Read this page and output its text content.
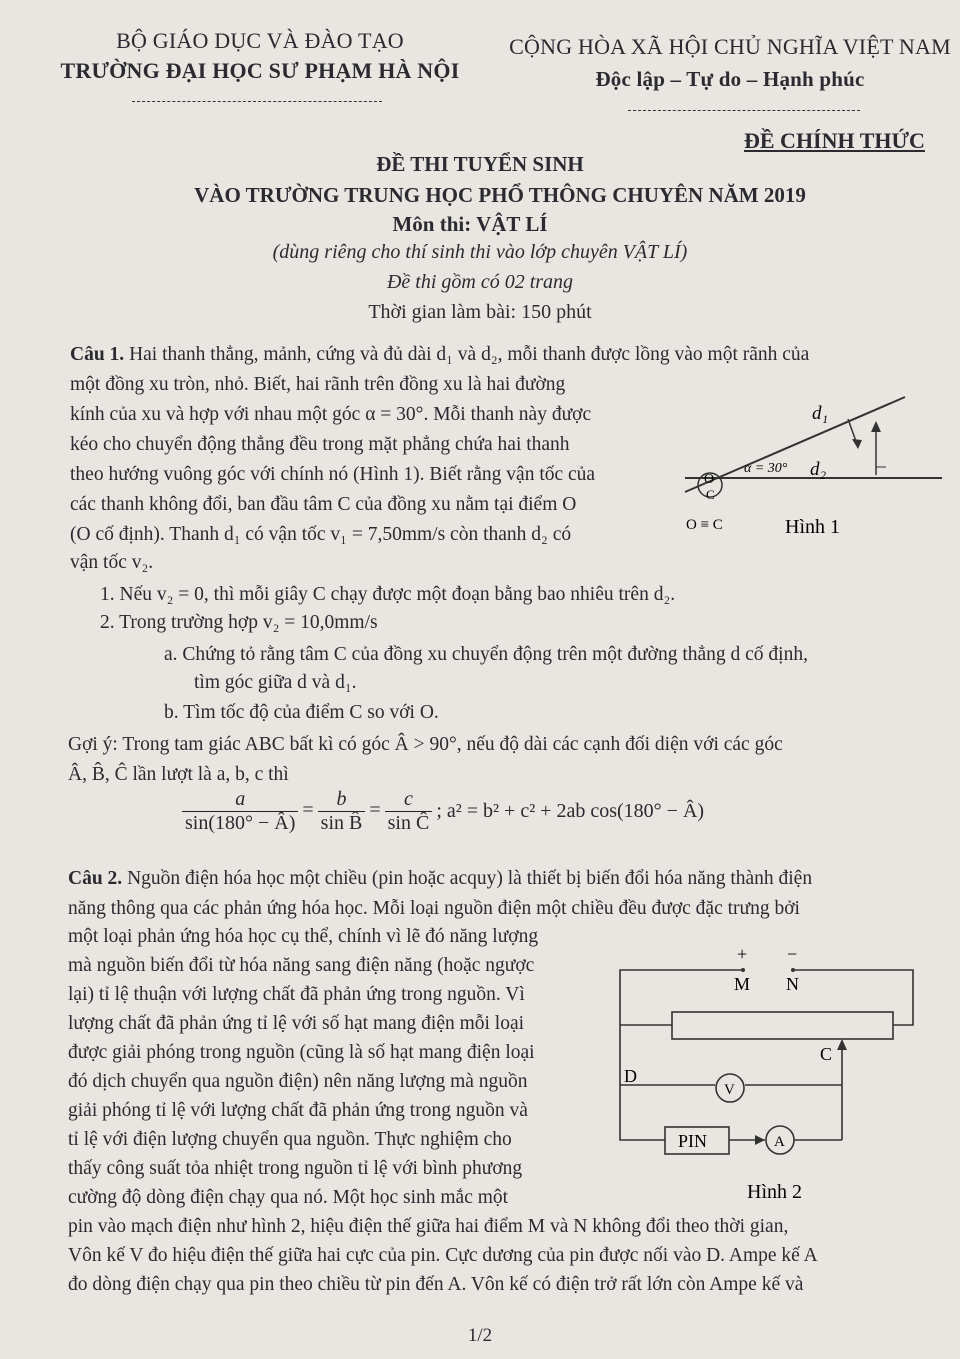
BỘ GIÁO DỤC VÀ ĐÀO TẠO
TRƯỜNG ĐẠI HỌC SƯ PHẠM HÀ NỘI
CỘNG HÒA XÃ HỘI CHỦ NGHĨA VIỆT NAM
Độc lập – Tự do – Hạnh phúc
ĐỀ CHÍNH THỨC
ĐỀ THI TUYỂN SINH
VÀO TRƯỜNG TRUNG HỌC PHỔ THÔNG CHUYÊN NĂM 2019
Môn thi: VẬT LÍ
(dùng riêng cho thí sinh thi vào lớp chuyên VẬT LÍ)
Đề thi gồm có 02 trang
Thời gian làm bài: 150 phút
Câu 1. Hai thanh thẳng, mảnh, cứng và đủ dài d₁ và d₂, mỗi thanh được lồng vào một rãnh của
một đồng xu tròn, nhỏ. Biết, hai rãnh trên đồng xu là hai đường
kính của xu và hợp với nhau một góc α = 30°. Mỗi thanh này được
kéo cho chuyển động thẳng đều trong mặt phẳng chứa hai thanh
theo hướng vuông góc với chính nó (Hình 1). Biết rằng vận tốc của
các thanh không đổi, ban đầu tâm C của đồng xu nằm tại điểm O
(O cố định). Thanh d₁ có vận tốc v₁ = 7,50mm/s còn thanh d₂ có
vận tốc v₂.
d₁
d₂
α = 30°
O
C
O ≡ C	Hình 1
1. Nếu v₂ = 0, thì mỗi giây C chạy được một đoạn bằng bao nhiêu trên d₂.
2. Trong trường hợp v₂ = 10,0mm/s
a. Chứng tỏ rằng tâm C của đồng xu chuyển động trên một đường thẳng d cố định,
tìm góc giữa d và d₁.
b. Tìm tốc độ của điểm C so với O.
Gợi ý: Trong tam giác ABC bất kì có góc Â > 90°, nếu độ dài các cạnh đối diện với các góc
Â, B̂, Ĉ lần lượt là a, b, c thì
$\frac{a}{\sin(180^\circ - Â)} = \frac{b}{\text{sin B̂}} = \frac{c}{\text{sin Ĉ}}$ ; a² = b² + c² + 2ab cos(180° − Â)
Câu 2. Nguồn điện hóa học một chiều (pin hoặc acquy) là thiết bị biến đổi hóa năng thành điện
năng thông qua các phản ứng hóa học. Mỗi loại nguồn điện một chiều đều được đặc trưng bởi
một loại phản ứng hóa học cụ thể, chính vì lẽ đó năng lượng
mà nguồn biến đổi từ hóa năng sang điện năng (hoặc ngược
lại) tỉ lệ thuận với lượng chất đã phản ứng trong nguồn. Vì
lượng chất đã phản ứng tỉ lệ với số hạt mang điện mỗi loại
được giải phóng trong nguồn (cũng là số hạt mang điện loại
đó dịch chuyển qua nguồn điện) nên năng lượng mà nguồn
giải phóng tỉ lệ với lượng chất đã phản ứng trong nguồn và
tỉ lệ với điện lượng chuyển qua nguồn. Thực nghiệm cho
thấy công suất tỏa nhiệt trong nguồn tỉ lệ với bình phương
cường độ dòng điện chạy qua nó. Một học sinh mắc một
pin vào mạch điện như hình 2, hiệu điện thế giữa hai điểm M và N không đổi theo thời gian,
Vôn kế V đo hiệu điện thế giữa hai cực của pin. Cực dương của pin được nối vào D. Ampe kế A
đo dòng điện chạy qua pin theo chiều từ pin đến A. Vôn kế có điện trở rất lớn còn Ampe kế và
+ −
M N
C
D
V
PIN	A
Hình 2
1/2
